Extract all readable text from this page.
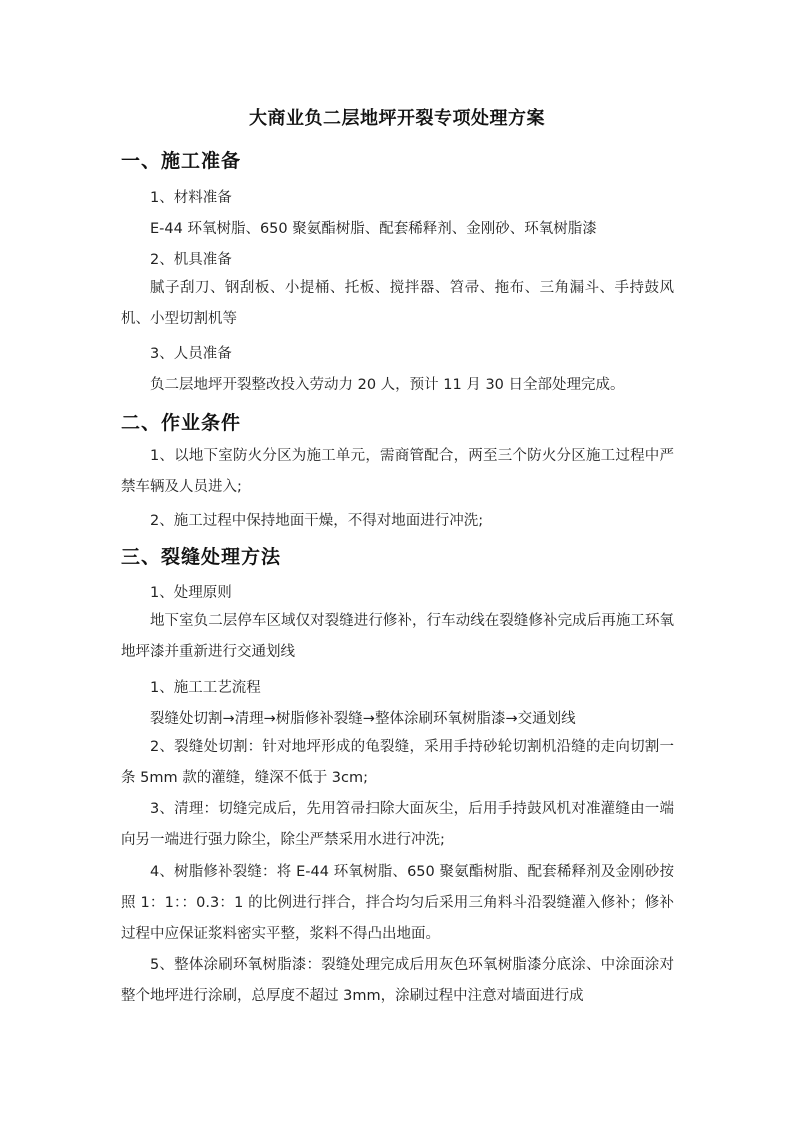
大商业负二层地坪开裂专项处理方案
一、施工准备
1、材料准备
E-44 环氧树脂、650 聚氨酯树脂、配套稀释剂、金刚砂、环氧树脂漆
2、机具准备
腻子刮刀、钢刮板、小提桶、托板、搅拌器、笤帚、拖布、三角漏斗、手持鼓风机、小型切割机等
3、人员准备
负二层地坪开裂整改投入劳动力 20 人，预计 11 月 30 日全部处理完成。
二、作业条件
1、以地下室防火分区为施工单元，需商管配合，两至三个防火分区施工过程中严禁车辆及人员进入;
2、施工过程中保持地面干燥，不得对地面进行冲洗;
三、裂缝处理方法
1、处理原则
地下室负二层停车区域仅对裂缝进行修补，行车动线在裂缝修补完成后再施工环氧地坪漆并重新进行交通划线
1、施工工艺流程
裂缝处切割→清理→树脂修补裂缝→整体涂刷环氧树脂漆→交通划线
2、裂缝处切割：针对地坪形成的龟裂缝，采用手持砂轮切割机沿缝的走向切割一条 5mm 款的灌缝，缝深不低于 3cm;
3、清理：切缝完成后，先用笤帚扫除大面灰尘，后用手持鼓风机对准灌缝由一端向另一端进行强力除尘，除尘严禁采用水进行冲洗;
4、树脂修补裂缝：将 E-44 环氧树脂、650 聚氨酯树脂、配套稀释剂及金刚砂按照 1：1：：0.3：1 的比例进行拌合，拌合均匀后采用三角料斗沿裂缝灌入修补；修补过程中应保证浆料密实平整，浆料不得凸出地面。
5、整体涂刷环氧树脂漆：裂缝处理完成后用灰色环氧树脂漆分底涂、中涂面涂对整个地坪进行涂刷，总厚度不超过 3mm，涂刷过程中注意对墙面进行成
